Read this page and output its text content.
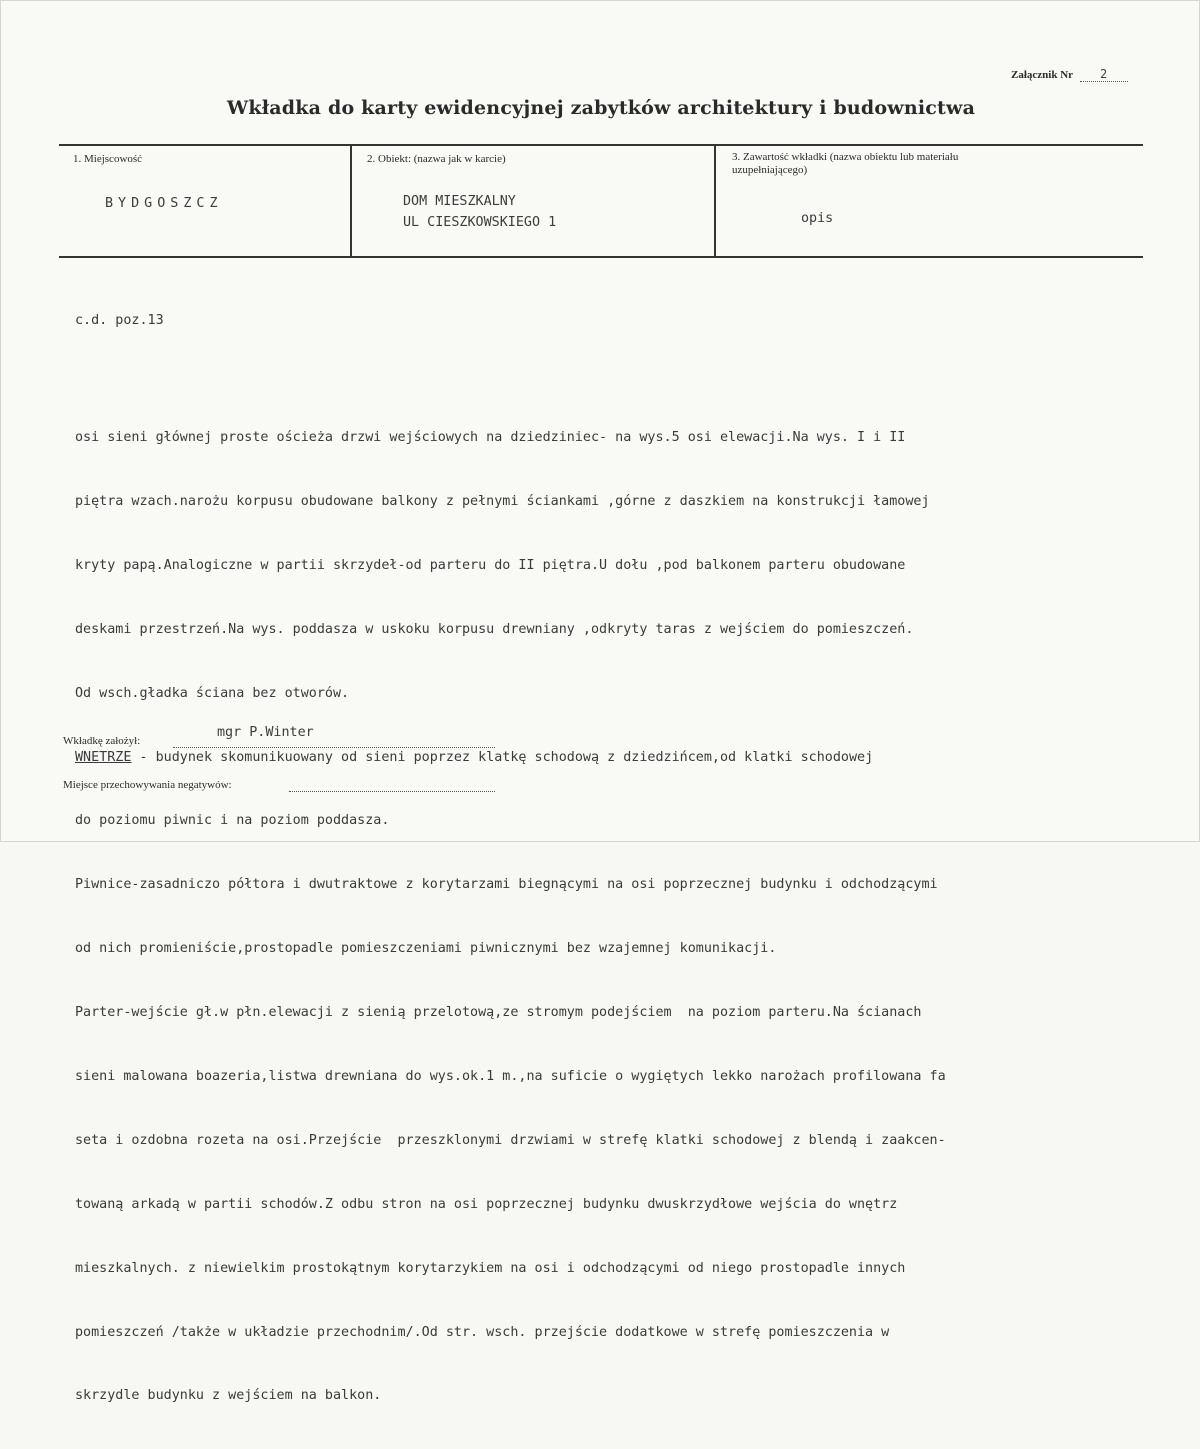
Załącznik Nr 2
Wkładka do karty ewidencyjnej zabytków architektury i budownictwa
1. Miejscowość
BYDGOSZCZ
2. Obiekt: (nazwa jak w karcie)
DOM MIESZKALNY
UL CIESZKOWSKIEGO 1
3. Zawartość wkładki (nazwa obiektu lub materiału
uzupełniającego)
opis

c.d. poz.13

osi sieni głównej proste ościeża drzwi wejściowych na dziedziniec- na wys.5 osi elewacji.Na wys. I i II

piętra wzach.narożu korpusu obudowane balkony z pełnymi ściankami ,górne z daszkiem na konstrukcji łamowej

kryty papą.Analogiczne w partii skrzydeł-od parteru do II piętra.U dołu ,pod balkonem parteru obudowane

deskami przestrzeń.Na wys. poddasza w uskoku korpusu drewniany ,odkryty taras z wejściem do pomieszczeń.

Od wsch.gładka ściana bez otworów.

WNETRZE - budynek skomunikuowany od sieni poprzez klatkę schodową z dziedzińcem,od klatki schodowej

do poziomu piwnic i na poziom poddasza.

Piwnice-zasadniczo półtora i dwutraktowe z korytarzami biegnącymi na osi poprzecznej budynku i odchodzącymi

od nich promieniście,prostopadle pomieszczeniami piwnicznymi bez wzajemnej komunikacji.

Parter-wejście gł.w płn.elewacji z sienią przelotową,ze stromym podejściem  na poziom parteru.Na ścianach

sieni malowana boazeria,listwa drewniana do wys.ok.1 m.,na suficie o wygiętych lekko narożach profilowana fa

seta i ozdobna rozeta na osi.Przejście  przeszklonymi drzwiami w strefę klatki schodowej z blendą i zaakcen-

towaną arkadą w partii schodów.Z odbu stron na osi poprzecznej budynku dwuskrzydłowe wejścia do wnętrz

mieszkalnych. z niewielkim prostokątnym korytarzykiem na osi i odchodzącymi od niego prostopadle innych

pomieszczeń /także w układzie przechodnim/.Od str. wsch. przejście dodatkowe w strefę pomieszczenia w

skrzydle budynku z wejściem na balkon.

Wkładkę założył:
mgr P.Winter
Miejsce przechowywania negatywów:
